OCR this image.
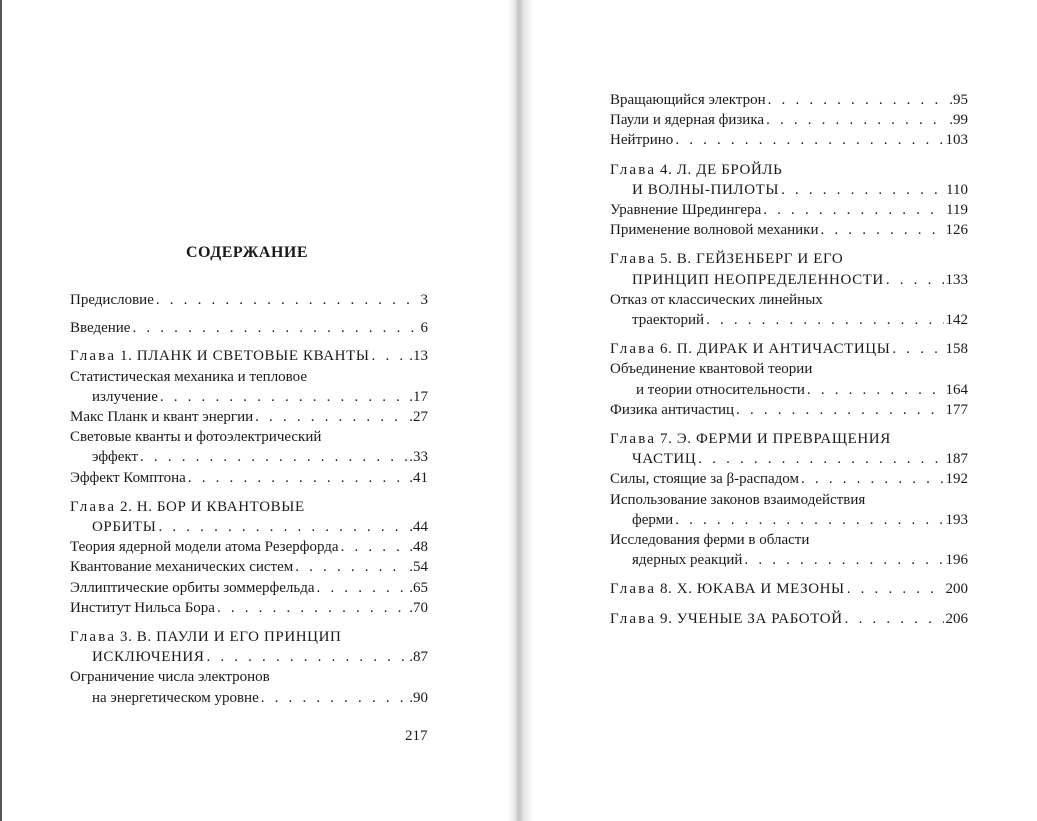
СОДЕРЖАНИЕ
217
Предисловие . . .	3
Введение . . .	6
Глава 1. ПЛАНК И СВЕТОВЫЕ КВАНТЫ . . .	.13
Статистическая механика и тепловое
излучение . . .	.17
Макс Планк и квант энергии . . .	.27
Световые кванты и фотоэлектрический
эффект . . .	.33
Эффект Комптона . . .	.41
Глава 2. Н. БОР И КВАНТОВЫЕ
ОРБИТЫ . . .	.44
Теория ядерной модели атома Резерфорда . . .	.48
Квантование механических систем . . .	.54
Эллиптические орбиты зоммерфельда . . .	.65
Институт Нильса Бора . . .	.70
Глава 3. В. ПАУЛИ И ЕГО ПРИНЦИП
ИСКЛЮЧЕНИЯ . . .	.87
Ограничение числа электронов
на энергетическом уровне . . .	.90
Вращающийся электрон . . .	.95
Паули и ядерная физика . . .	.99
Нейтрино . . .	103
Глава 4. Л. ДЕ БРОЙЛЬ
И ВОЛНЫ-ПИЛОТЫ . . .	110
Уравнение Шредингера . . .	119
Применение волновой механики . . .	126
Глава 5. В. ГЕЙЗЕНБЕРГ И ЕГО
ПРИНЦИП НЕОПРЕДЕЛЕННОСТИ . . .	133
Отказ от классических линейных
траекторий . . .	142
Глава 6. П. ДИРАК И АНТИЧАСТИЦЫ . . .	158
Объединение квантовой теории
и теории относительности . . .	164
Физика античастиц . . .	177
Глава 7. Э. ФЕРМИ И ПРЕВРАЩЕНИЯ
ЧАСТИЦ . . .	187
Силы, стоящие за β-распадом . . .	192
Использование законов взаимодействия
ферми . . .	193
Исследования ферми в области
ядерных реакций . . .	196
Глава 8. Х. ЮКАВА И МЕЗОНЫ . . .	200
Глава 9. УЧЕНЫЕ ЗА РАБОТОЙ . . .	206
